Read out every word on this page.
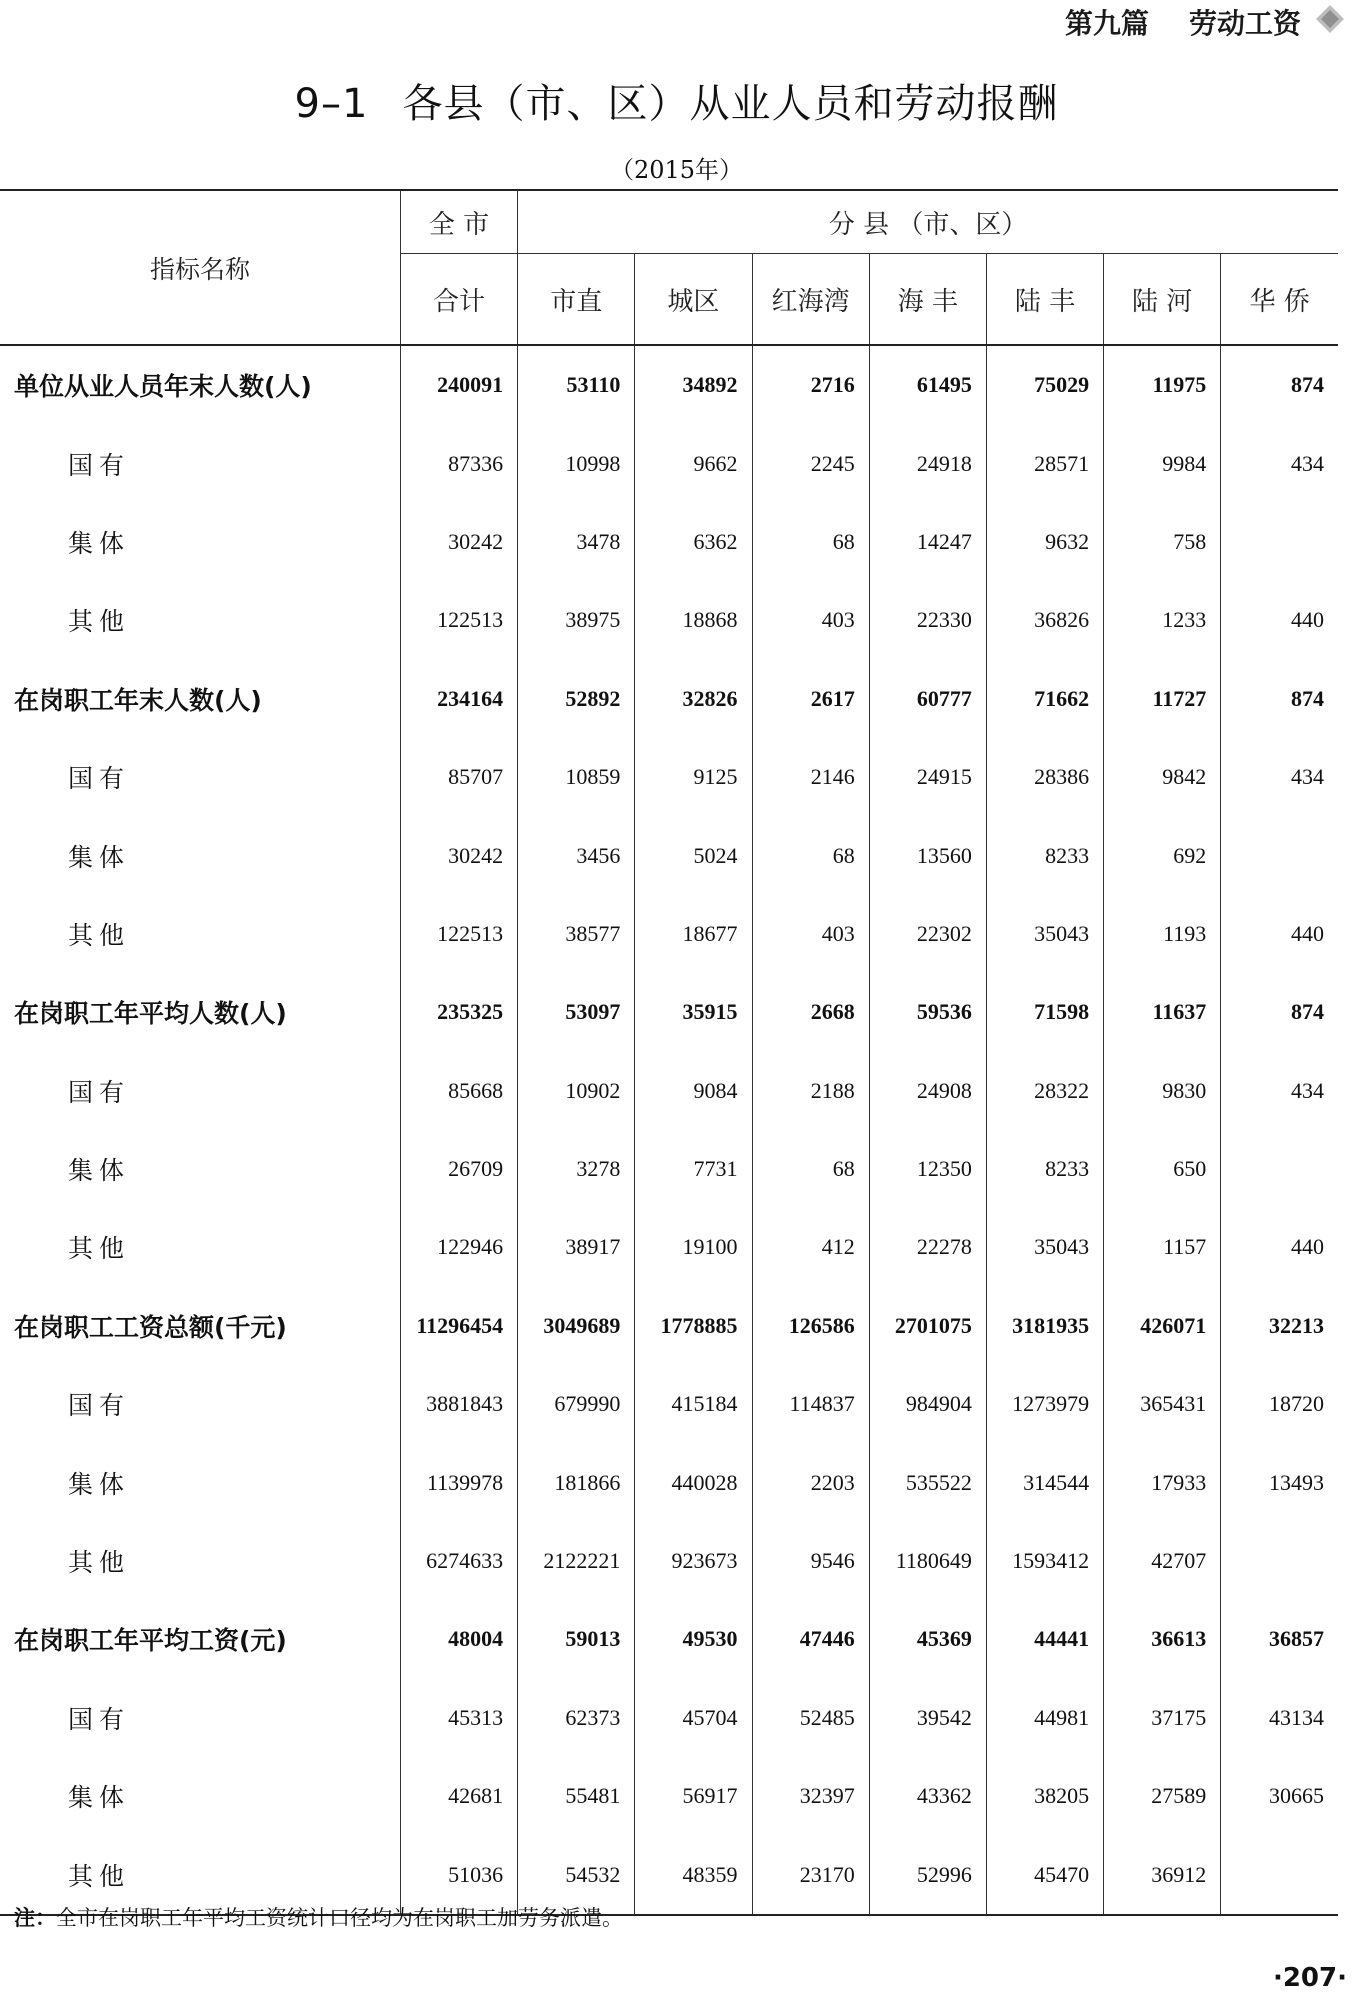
第九篇 劳动工资
9–1 各县（市、区）从业人员和劳动报酬
（2015年）
指标名称	全 市	分 县 （市、区）						
	合计	市直	城区	红海湾	海 丰	陆 丰	陆 河	华 侨
单位从业人员年末人数(人)	240091	53110	34892	2716	61495	75029	11975	874
国有	87336	10998	9662	2245	24918	28571	9984	434
集体	30242	3478	6362	68	14247	9632	758	
其他	122513	38975	18868	403	22330	36826	1233	440
在岗职工年末人数(人)	234164	52892	32826	2617	60777	71662	11727	874
国有	85707	10859	9125	2146	24915	28386	9842	434
集体	30242	3456	5024	68	13560	8233	692	
其他	122513	38577	18677	403	22302	35043	1193	440
在岗职工年平均人数(人)	235325	53097	35915	2668	59536	71598	11637	874
国有	85668	10902	9084	2188	24908	28322	9830	434
集体	26709	3278	7731	68	12350	8233	650	
其他	122946	38917	19100	412	22278	35043	1157	440
在岗职工工资总额(千元)	11296454	3049689	1778885	126586	2701075	3181935	426071	32213
国有	3881843	679990	415184	114837	984904	1273979	365431	18720
集体	1139978	181866	440028	2203	535522	314544	17933	13493
其他	6274633	2122221	923673	9546	1180649	1593412	42707	
在岗职工年平均工资(元)	48004	59013	49530	47446	45369	44441	36613	36857
国有	45313	62373	45704	52485	39542	44981	37175	43134
集体	42681	55481	56917	32397	43362	38205	27589	30665
其他	51036	54532	48359	23170	52996	45470	36912	
注：全市在岗职工年平均工资统计口径均为在岗职工加劳务派遣。
·207·
